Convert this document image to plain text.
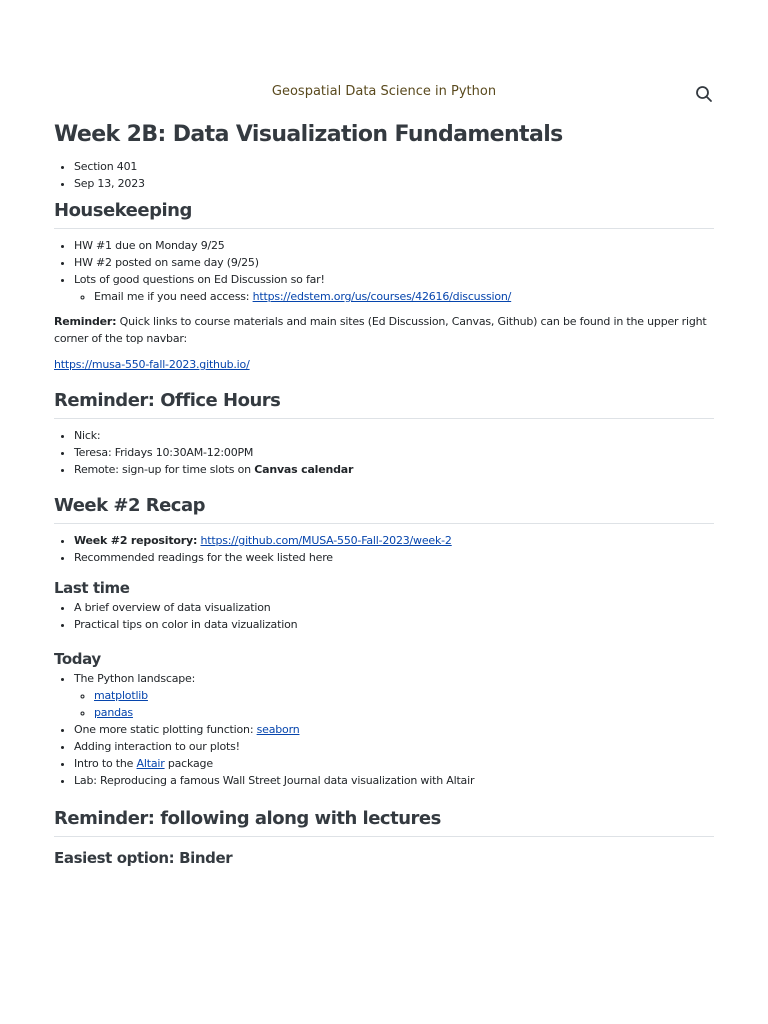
Geospatial Data Science in Python
Week 2B: Data Visualization Fundamentals
• Section 401
• Sep 13, 2023
Housekeeping
• HW #1 due on Monday 9/25
• HW #2 posted on same day (9/25)
• Lots of good questions on Ed Discussion so far!
◦ Email me if you need access: https://edstem.org/us/courses/42616/discussion/

Reminder: Quick links to course materials and main sites (Ed Discussion, Canvas, Github) can be found in the upper right corner of the top navbar:

https://musa-550-fall-2023.github.io/

Reminder: Office Hours
• Nick:
• Teresa: Fridays 10:30AM-12:00PM
• Remote: sign-up for time slots on Canvas calendar
Week #2 Recap
• Week #2 repository: https://github.com/MUSA-550-Fall-2023/week-2
• Recommended readings for the week listed here
Last time
• A brief overview of data visualization
• Practical tips on color in data vizualization
Today
• The Python landscape:
◦ matplotlib
◦ pandas
• One more static plotting function: seaborn
• Adding interaction to our plots!
• Intro to the Altair package
• Lab: Reproducing a famous Wall Street Journal data visualization with Altair
Reminder: following along with lectures
Easiest option: Binder
